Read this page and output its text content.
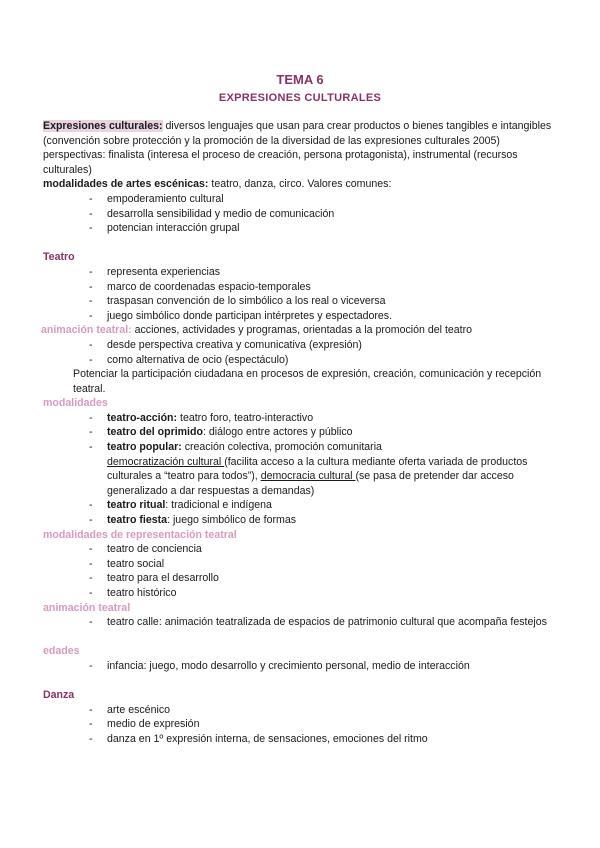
TEMA 6
EXPRESIONES CULTURALES

Expresiones culturales: diversos lenguajes que usan para crear productos o bienes tangibles e intangibles

(convención sobre protección y la promoción de la diversidad de las expresiones culturales 2005)

perspectivas: finalista (interesa el proceso de creación, persona protagonista), instrumental (recursos culturales)

modalidades de artes escénicas: teatro, danza, circo. Valores comunes:

- empoderamiento cultural
- desarrolla sensibilidad y medio de comunicación
- potencian interacción grupal

Teatro

- representa experiencias
- marco de coordenadas espacio-temporales
- traspasan convención de lo simbólico a los real o viceversa
- juego simbólico donde participan intérpretes y espectadores.

animación teatral: acciones, actividades y programas, orientadas a la promoción del teatro

- desde perspectiva creativa y comunicativa (expresión)
- como alternativa de ocio (espectáculo)

Potenciar la participación ciudadana en procesos de expresión, creación, comunicación y recepción teatral.

modalidades

- teatro-acción: teatro foro, teatro-interactivo
- teatro del oprimido: diálogo entre actores y público
- teatro popular: creación colectiva, promoción comunitaria

democratización cultural (facilita acceso a la cultura mediante oferta variada de productos culturales a “teatro para todos”), democracia cultural (se pasa de pretender dar acceso generalizado a dar respuestas a demandas)

- teatro ritual: tradicional e indígena
- teatro fiesta: juego simbólico de formas

modalidades de representación teatral

- teatro de conciencia
- teatro social
- teatro para el desarrollo
- teatro histórico

animación teatral

- teatro calle: animación teatralizada de espacios de patrimonio cultural que acompaña festejos

edades

- infancia: juego, modo desarrollo y crecimiento personal, medio de interacción

Danza

- arte escénico
- medio de expresión
- danza en 1º expresión interna, de sensaciones, emociones del ritmo
